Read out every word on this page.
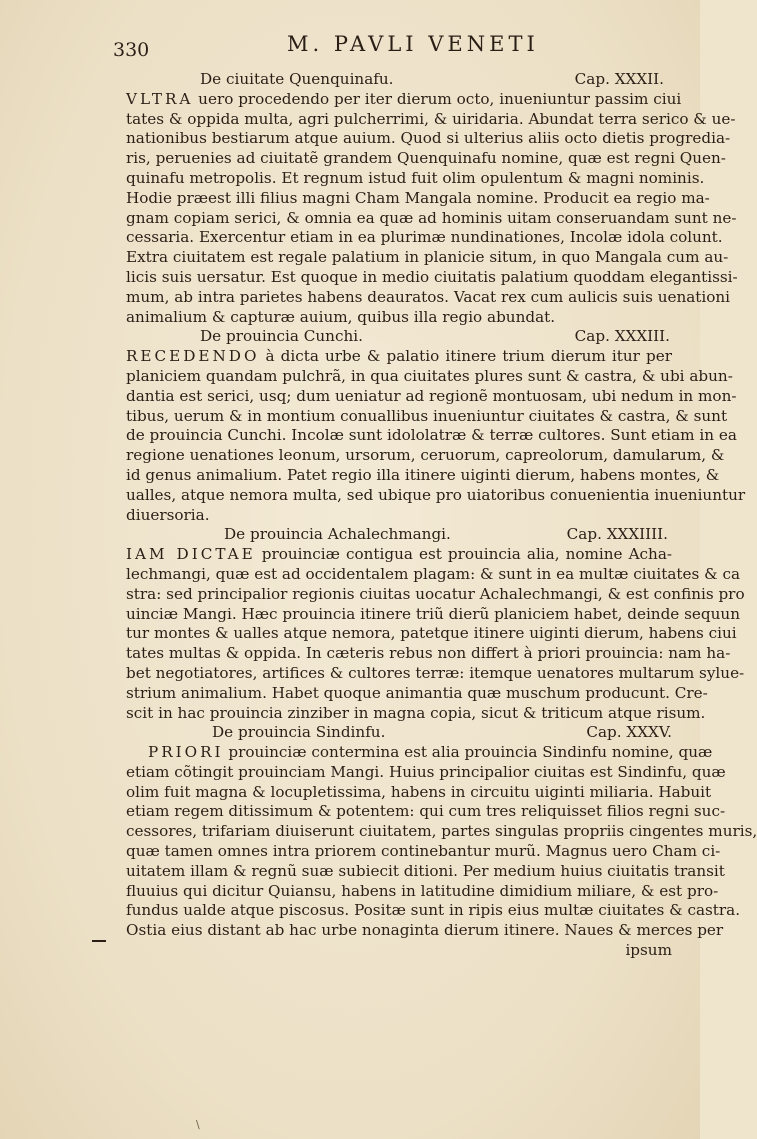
330	M. PAVLI VENETI
De ciuitate Quenquinafu.	Cap. XXXII.
VLTRA uero procedendo per iter dierum octo, inueniuntur passim ciui
tates & oppida multa, agri pulcherrimi, & uiridaria. Abundat terra serico & ue-
nationibus bestiarum atque auium. Quod si ulterius aliis octo dietis progredia-
ris, peruenies ad ciuitatẽ grandem Quenquinafu nomine, quæ est regni Quen-
quinafu metropolis. Et regnum istud fuit olim opulentum & magni nominis.
Hodie præest illi filius magni Cham Mangala nomine. Producit ea regio ma-
gnam copiam serici, & omnia ea quæ ad hominis uitam conseruandam sunt ne-
cessaria. Exercentur etiam in ea plurimæ nundinationes, Incolæ idola colunt.
Extra ciuitatem est regale palatium in planicie situm, in quo Mangala cum au-
licis suis uersatur. Est quoque in medio ciuitatis palatium quoddam elegantissi-
mum, ab intra parietes habens deauratos. Vacat rex cum aulicis suis uenationi
animalium & capturæ auium, quibus illa regio abundat.
De prouincia Cunchi.	Cap. XXXIII.
RECEDENDO à dicta urbe & palatio itinere trium dierum itur per
planiciem quandam pulchrã, in qua ciuitates plures sunt & castra, & ubi abun-
dantia est serici, usq; dum ueniatur ad regionẽ montuosam, ubi nedum in mon-
tibus, uerum & in montium conuallibus inueniuntur ciuitates & castra, & sunt
de prouincia Cunchi. Incolæ sunt idololatræ & terræ cultores. Sunt etiam in ea
regione uenationes leonum, ursorum, ceruorum, capreolorum, damularum, &
id genus animalium. Patet regio illa itinere uiginti dierum, habens montes, &
ualles, atque nemora multa, sed ubique pro uiatoribus conuenientia inueniuntur
diuersoria.
De prouincia Achalechmangi.	Cap. XXXIIII.
IAM DICTAE prouinciæ contigua est prouincia alia, nomine Acha-
lechmangi, quæ est ad occidentalem plagam: & sunt in ea multæ ciuitates & ca
stra: sed principalior regionis ciuitas uocatur Achalechmangi, & est confinis pro
uinciæ Mangi. Hæc prouincia itinere triũ dierũ planiciem habet, deinde sequun
tur montes & ualles atque nemora, patetque itinere uiginti dierum, habens ciui
tates multas & oppida. In cæteris rebus non differt à priori prouincia: nam ha-
bet negotiatores, artifices & cultores terræ: itemque uenatores multarum sylue-
strium animalium. Habet quoque animantia quæ muschum producunt. Cre-
scit in hac prouincia zinziber in magna copia, sicut & triticum atque risum.
De prouincia Sindinfu.	Cap. XXXV.
PRIORI prouinciæ contermina est alia prouincia Sindinfu nomine, quæ
etiam cõtingit prouinciam Mangi. Huius principalior ciuitas est Sindinfu, quæ
olim fuit magna & locupletissima, habens in circuitu uiginti miliaria. Habuit
etiam regem ditissimum & potentem: qui cum tres reliquisset filios regni suc-
cessores, trifariam diuiserunt ciuitatem, partes singulas propriis cingentes muris,
quæ tamen omnes intra priorem continebantur murũ. Magnus uero Cham ci-
uitatem illam & regnũ suæ subiecit ditioni. Per medium huius ciuitatis transit
fluuius qui dicitur Quiansu, habens in latitudine dimidium miliare, & est pro-
fundus ualde atque piscosus. Positæ sunt in ripis eius multæ ciuitates & castra.
Ostia eius distant ab hac urbe nonaginta dierum itinere. Naues & merces per
ipsum
\
